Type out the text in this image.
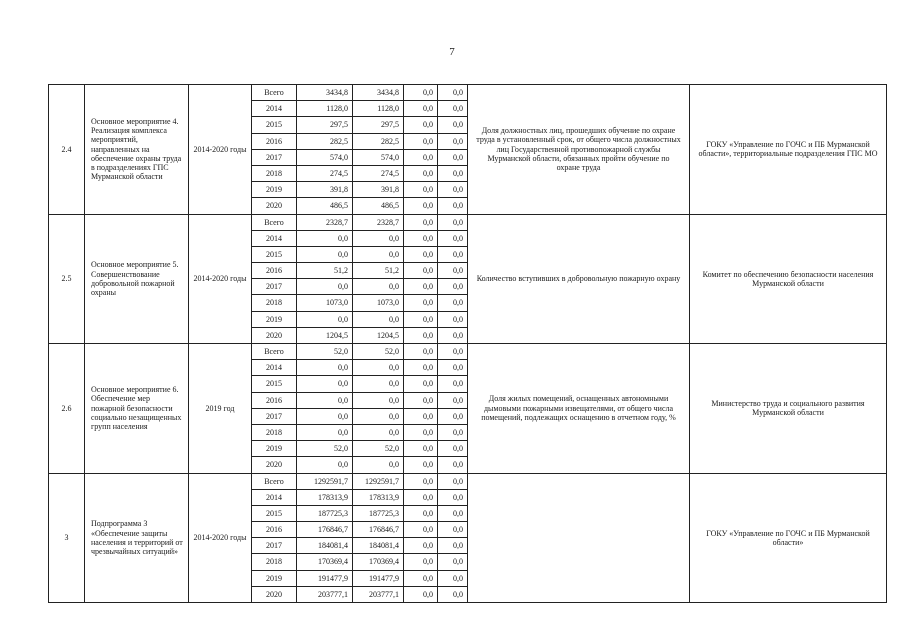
7
2.4	Основное мероприятие 4. Реализация комплекса мероприятий, направленных на обеспечение охраны труда в подразделениях ГПС Мурманской области	2014-2020 годы	Всего	3434,8	3434,8	0,0	0,0	Доля должностных лиц, прошедших обучение по охране труда в установленный срок, от общего числа должностных лиц Государственной противопожарной службы Мурманской области, обязанных пройти обучение по охране труда	ГОКУ «Управление по ГОЧС и ПБ Мурманской области», территориальные подразделения ГПС МО
			2014	1128,0	1128,0	0,0	0,0		
			2015	297,5	297,5	0,0	0,0		
			2016	282,5	282,5	0,0	0,0		
			2017	574,0	574,0	0,0	0,0		
			2018	274,5	274,5	0,0	0,0		
			2019	391,8	391,8	0,0	0,0		
			2020	486,5	486,5	0,0	0,0		
2.5	Основное мероприятие 5. Совершенствование добровольной пожарной охраны	2014-2020 годы	Всего	2328,7	2328,7	0,0	0,0	Количество вступивших в добровольную пожарную охрану	Комитет по обеспечению безопасности населения Мурманской области
			2014	0,0	0,0	0,0	0,0		
			2015	0,0	0,0	0,0	0,0		
			2016	51,2	51,2	0,0	0,0		
			2017	0,0	0,0	0,0	0,0		
			2018	1073,0	1073,0	0,0	0,0		
			2019	0,0	0,0	0,0	0,0		
			2020	1204,5	1204,5	0,0	0,0		
2.6	Основное мероприятие 6. Обеспечение мер пожарной безопасности социально незащищенных групп населения	2019 год	Всего	52,0	52,0	0,0	0,0	Доля жилых помещений, оснащенных автономными дымовыми пожарными извещателями, от общего числа помещений, подлежащих оснащению в отчетном году, %	Министерство труда и социального развития Мурманской области
			2014	0,0	0,0	0,0	0,0		
			2015	0,0	0,0	0,0	0,0		
			2016	0,0	0,0	0,0	0,0		
			2017	0,0	0,0	0,0	0,0		
			2018	0,0	0,0	0,0	0,0		
			2019	52,0	52,0	0,0	0,0		
			2020	0,0	0,0	0,0	0,0		
3	Подпрограмма 3 «Обеспечение защиты населения и территорий от чрезвычайных ситуаций»	2014-2020 годы	Всего	1292591,7	1292591,7	0,0	0,0		ГОКУ «Управление по ГОЧС и ПБ Мурманской области»
			2014	178313,9	178313,9	0,0	0,0		
			2015	187725,3	187725,3	0,0	0,0		
			2016	176846,7	176846,7	0,0	0,0		
			2017	184081,4	184081,4	0,0	0,0		
			2018	170369,4	170369,4	0,0	0,0		
			2019	191477,9	191477,9	0,0	0,0		
			2020	203777,1	203777,1	0,0	0,0		
